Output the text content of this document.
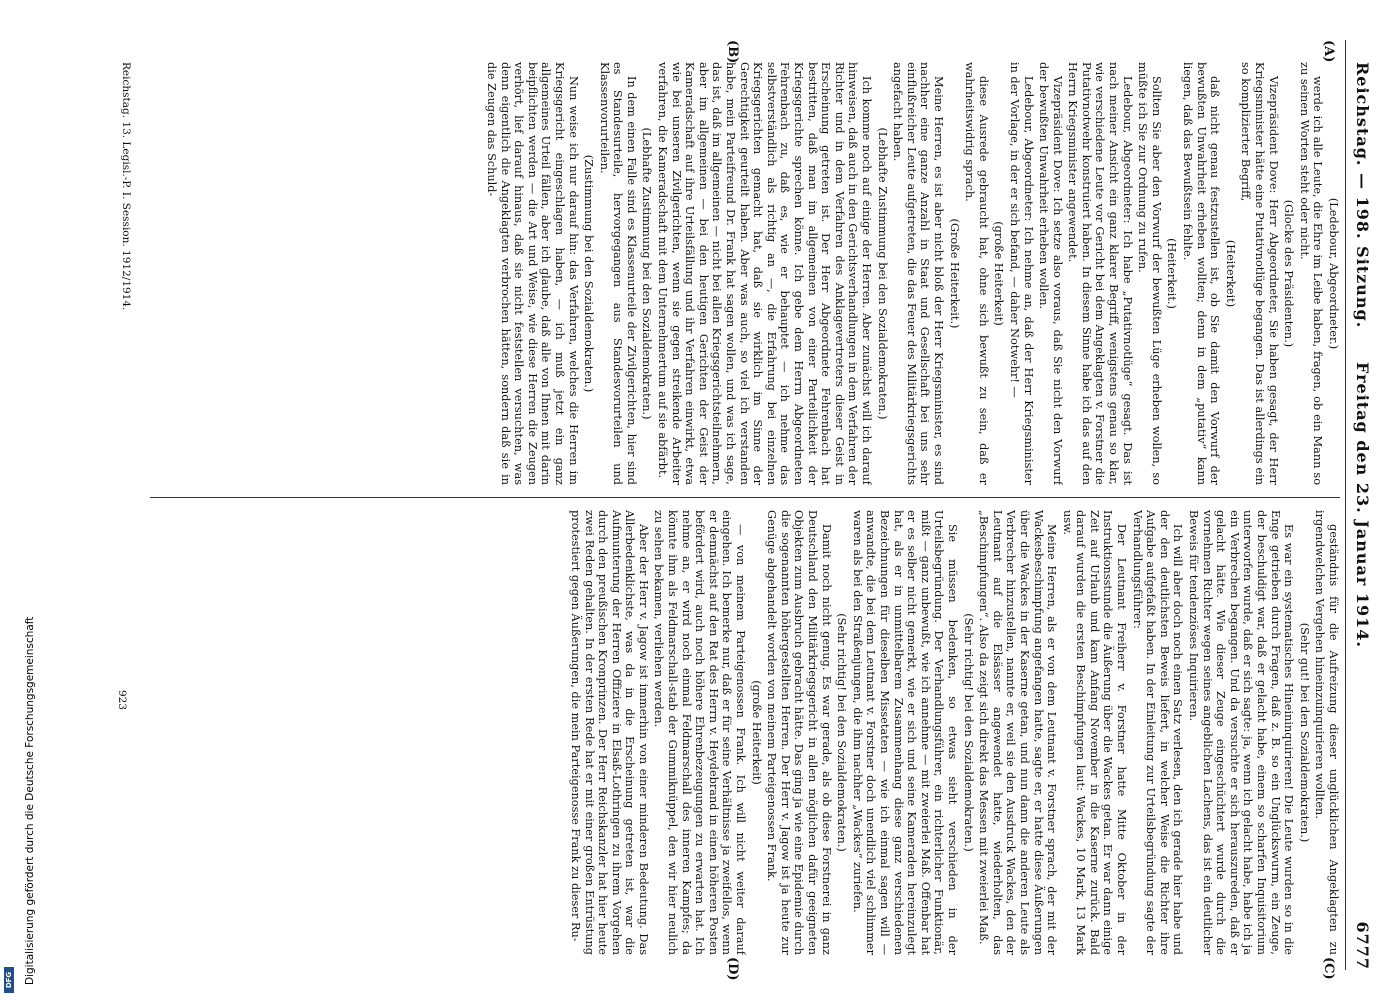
Digitalisierung gefördert durch die Deutsche Forschungsgemeinschaft
DFG
Reichstag. — 198. Sitzung.
Freitag den 23. Januar 1914.
6777
(A)
(B)
(C)
(D)

(Ledebour, Abgeordneter.)

werde ich alle Leute, die Ehre im Leibe haben, fragen, ob ein Mann so zu seinen Worten steht oder nicht.

(Glocke des Präsidenten.)

Vizepräsident Dove: Herr Abgeordneter, Sie haben gesagt, der Herr Kriegsminister hätte eine Putativnotlüge begangen. Das ist allerdings ein so komplizierter Begriff,

(Heiterkeit)

daß nicht genau festzustellen ist, ob Sie damit den Vorwurf der bewußten Unwahrheit erheben wollten; denn in dem „putativ“ kann liegen, daß das Bewußtsein fehlte.

(Heiterkeit.)

Sollten Sie aber den Vorwurf der bewußten Lüge erheben wollen, so müßte ich Sie zur Ordnung zu rufen.

Ledebour, Abgeordneter: Ich habe „Putativnotlüge“ gesagt. Das ist nach meiner Ansicht ein ganz klarer Begriff, wenigstens genau so klar, wie verschiedene Leute vor Gericht bei dem Angeklagten v. Forstner die Putativnotwehr konstruiert haben. In diesem Sinne habe ich das auf den Herrn Kriegsminister angewendet.

Vizepräsident Dove: Ich setze also voraus, daß Sie nicht den Vorwurf der bewußten Unwahrheit erheben wollen.

Ledebour, Abgeordneter: Ich nehme an, daß der Herr Kriegsminister in der Vorlage, in der er sich befand, — daher Notwehr! —

(große Heiterkeit)

diese Ausrede gebraucht hat, ohne sich bewußt zu sein, daß er wahrheitswidrig sprach.

(Große Heiterkeit.)

Meine Herren, es ist aber nicht bloß der Herr Kriegsminister, es sind nachher eine ganze Anzahl in Staat und Gesellschaft bei uns sehr einflußreicher Leute aufgetreten, die das Feuer des Militärkriegsgerichts angefacht haben.

(Lebhafte Zustimmung bei den Sozialdemokraten.)

Ich komme noch auf einige der Herren. Aber zunächst will ich darauf hinweisen, daß auch in den Gerichtsverhandlungen in dem Verfahren der Richter und in dem Verfahren des Anklagevertreters dieser Geist in Erscheinung getreten ist. Der Herr Abgeordnete Fehrenbach hat bestritten, daß man im allgemeinen von einer Parteilichkeit der Kriegsgerichte sprechen könne. Ich gebe dem Herrn Abgeordneten Fehrenbach zu, daß es, wie er behauptet — ich nehme das selbstverständlich als richtig an —, die Erfahrung bei einzelnen Kriegsgerichten gemacht hat, daß sie wirklich im Sinne der Gerechtigkeit geurteilt haben. Aber was auch, so viel ich verstanden habe, mein Parteifreund Dr. Frank hat sagen wollen, und was ich sage, das ist, daß im allgemeinen — nicht bei allen Kriegsgerichtsteilnehmern, aber im allgemeinen — bei den heutigen Gerichten der Geist der Kameradschaft auf ihre Urteilsfällung und ihr Verfahren einwirkt, etwa wie bei unseren Zivilgerichten, wenn sie gegen streikende Arbeiter verfahren, die Kameradschaft mit dem Unternehmertum auf sie abfärbt.

(Lebhafte Zustimmung bei den Sozialdemokraten.)

In dem einen Falle sind es Klassenurteile der Zivilgerichten, hier sind es Standesurteile, hervorgegangen aus Standesvorurteilen und Klassenvorurteilen.

(Zustimmung bei den Sozialdemokraten.)

Nun weise ich nur darauf hin: das Verfahren, welches die Herren im Kriegsgericht eingeschlagen haben, — ich muß jetzt ein ganz allgemeines Urteil fällen, aber ich glaube, daß alle von Ihnen mit darin beipflichten werden — die Art und Weise, wie diese Herren die Zeugen verhört, lief darauf hinaus, daß sie nicht feststellen versuchten, was denn eigentlich die Angeklagten verbrochen hätten, sondern daß sie in die Zeugen das Schuld-

geständnis für die Aufreizung dieser unglücklichen Angeklagten zu irgendwelchen Vergehen hineinzuinquirieren wollten.

(Sehr gut! bei den Sozialdemokraten.)

Es war ein systematisches Hineininquirieren! Die Leute wurden so in die Enge getrieben durch Fragen, daß z. B. so ein Unglückswurm, ein Zeuge, der beschuldigt war, daß er gelacht habe, einem so scharfen Inquisitorium unterworfen wurde, daß er sich sagte: ja, wenn ich gelacht habe, habe ich ja ein Verbrechen begangen. Und da versuchte er sich herauszureden, daß er gelacht hätte. Wie dieser Zeuge eingeschüchtert wurde durch die vornehmen Richter wegen seines angeblichen Lachens, das ist ein deutlicher Beweis für tendenziöses Inquirieren.

Ich will aber doch noch einen Satz verlesen, den ich gerade hier habe und der den deutlichsten Beweis liefert, in welcher Weise die Richter ihre Aufgabe aufgefaßt haben. In der Einleitung zur Urteilsbegründung sagte der Verhandlungsführer:

Der Leutnant Freiherr v. Forstner hatte Mitte Oktober in der Instruktionsstunde die Äußerung über die Wackes getan. Er war dann einige Zeit auf Urlaub und kam Anfang November in die Kaserne zurück. Bald darauf wurden die ersten Beschimpfungen laut: Wackes, 10 Mark, 13 Mark usw.

Meine Herren, als er von dem Leutnant v. Forstner sprach, der mit der Wackesbeschimpfung angefangen hatte, sagte er, er hatte diese Äußerungen über die Wackes in der Kaserne getan, und nun dann die anderen Leute als Verbrecher hinzustellen, nannte er, weil sie den Ausdruck Wackes, den der Leutnant auf die Elsässer angewendet hatte, wiederholten, das „Beschimpfungen“. Also da zeigt sich direkt das Messen mit zweierlei Maß.

(Sehr richtig! bei den Sozialdemokraten.)

Sie müssen bedenken, so etwas sieht verschieden in der Urteilsbegründung. Der Verhandlungsführer, ein richterlicher Funktionär, mißt — ganz unbewußt, wie ich annehme — mit zweierlei Maß. Offenbar hat er es selber nicht gemerkt, wie er sich und seine Kameraden hereinzulegt hat, als er in unmittelbarem Zusammenhang diese ganz verschiedenen Bezeichnungen für dieselben Missetaten — wie ich einmal sagen will — anwandte, die bei dem Leutnant v. Forstner doch unendlich viel schlimmer waren als bei den Straßenjungen, die ihm nachher „Wackes“ zuriefen.

(Sehr richtig! bei den Sozialdemokraten.)

Damit noch nicht genug. Es war gerade, als ob diese Forstnerei in ganz Deutschland den Militärkriegsgericht in allen möglichen dafür geeigneten Objekten zum Ausbruch gebracht hätte. Das ging ja wie eine Epidemie durch die sogenannten höhergestellten Herren. Der Herr v. Jagow ist ja heute zur Genüge abgehandelt worden von meinem Parteigenossen Frank.

(große Heiterkeit)

— von meinem Parteigenossen Frank. Ich will nicht weiter darauf eingehen. Ich bemerke nur, daß er für seine Verhältnisse ja zweifellos, wenn er demnächst auf den Rat des Herrn v. Heydebrand in einen höheren Posten befördert wird, auch noch höhere Ehrenbezeugungen zu erwarten hat. Ich nehme an, er wird noch einmal Feldmarschall des inneren Kampfes; da könnte ihm als Feldmarschall-stab der Gummiknüppel, den wir hier neulich zu sehen bekamen, verliehen werden.

Aber der Herr v. Jagow ist immerhin von einer minderen Bedeutung. Das Allerbedenklichste, was da in die Erscheinung getreten ist, war die Aufmunterung der Herren Offiziere in Elsaß-Lothringen zu ihrem Vorgehen durch den preußischen Kronprinzen. Der Herr Reichskanzler hat hier heute zwei Reden gehalten. In der ersten Rede hat er mit einer großen Entrüstung protestiert gegen Äußerungen, die mein Parteigenosse Frank zu dieser Ru-

Reichstag. 13. Legisl.-P. I. Session. 1912/1914.
923
